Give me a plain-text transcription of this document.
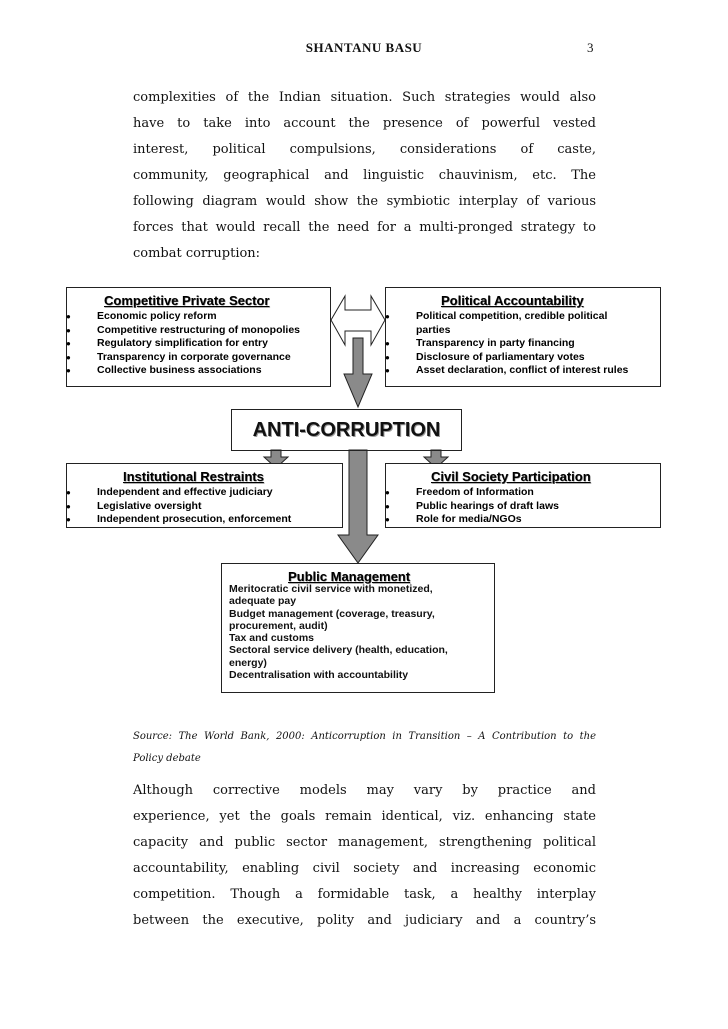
SHANTANU BASU	3
complexities of the Indian situation. Such strategies would also
have to take into account the presence of powerful vested
interest, political compulsions, considerations of caste,
community, geographical and linguistic chauvinism, etc. The
following diagram would show the symbiotic interplay of various
forces that would recall the need for a multi-pronged strategy to
combat corruption:
Competitive Private Sector
● Economic policy reform
● Competitive restructuring of monopolies
● Regulatory simplification for entry
● Transparency in corporate governance
● Collective business associations
Political Accountability
● Political competition, credible political parties
● Transparency in party financing
● Disclosure of parliamentary votes
● Asset declaration, conflict of interest rules
ANTI-CORRUPTION
Institutional Restraints
● Independent and effective judiciary
● Legislative oversight
● Independent prosecution, enforcement
Civil Society Participation
● Freedom of Information
● Public hearings of draft laws
● Role for media/NGOs
Public Management
Meritocratic civil service with monetized,
adequate pay
Budget management (coverage, treasury,
procurement, audit)
Tax and customs
Sectoral service delivery (health, education,
energy)
Decentralisation with accountability
Source: The World Bank, 2000: Anticorruption in Transition – A Contribution to the
Policy debate
Although corrective models may vary by practice and
experience, yet the goals remain identical, viz. enhancing state
capacity and public sector management, strengthening political
accountability, enabling civil society and increasing economic
competition. Though a formidable task, a healthy interplay
between the executive, polity and judiciary and a country’s
